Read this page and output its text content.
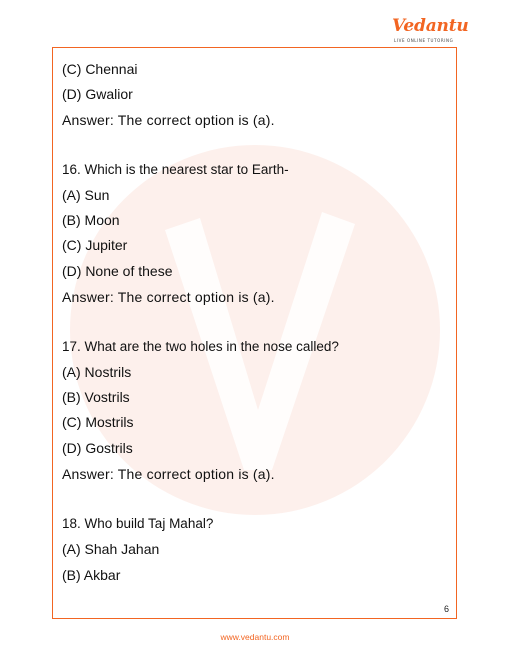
Vedantu
LIVE ONLINE TUTORING
(C) Chennai
(D) Gwalior
Answer: The correct option is (a).
16. Which is the nearest star to Earth-
(A) Sun
(B) Moon
(C) Jupiter
(D) None of these
Answer: The correct option is (a).
17. What are the two holes in the nose called?
(A) Nostrils
(B) Vostrils
(C) Mostrils
(D) Gostrils
Answer: The correct option is (a).
18. Who build Taj Mahal?
(A) Shah Jahan
(B) Akbar
6
www.vedantu.com
